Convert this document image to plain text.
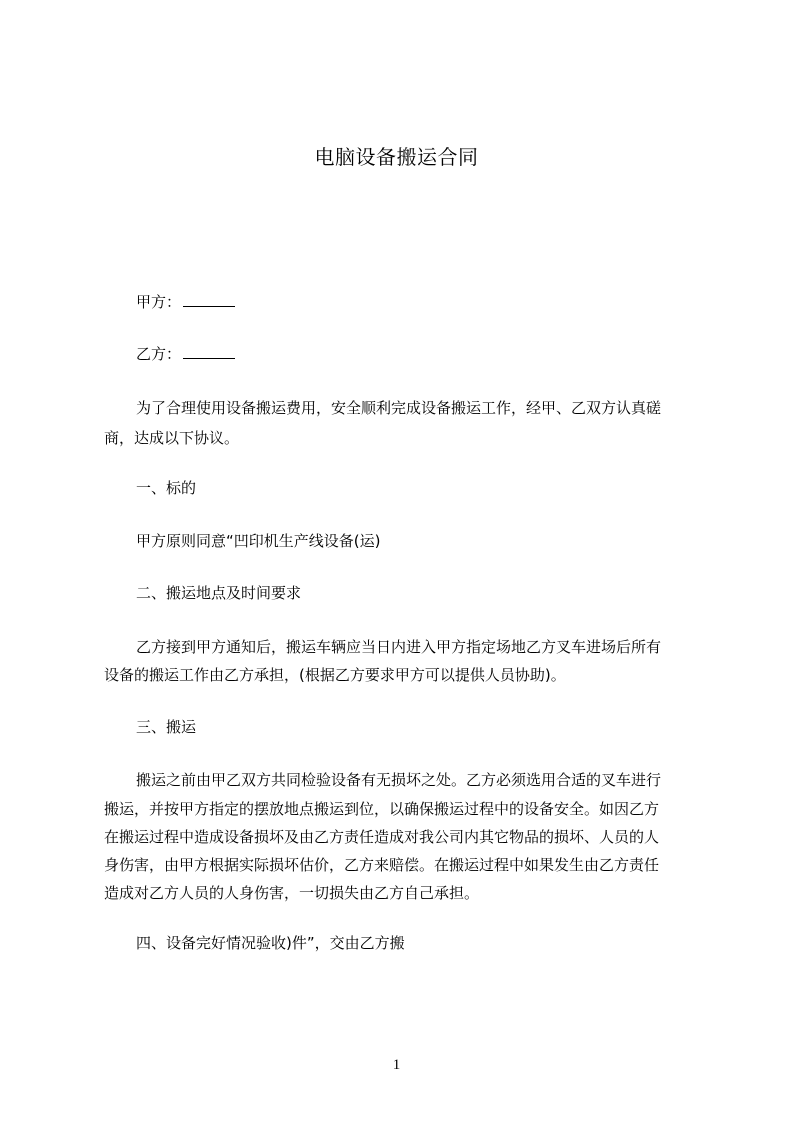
电脑设备搬运合同
甲方：
乙方：
为了合理使用设备搬运费用，安全顺利完成设备搬运工作，经甲、乙双方认真磋
商，达成以下协议。
一、标的
甲方原则同意“凹印机生产线设备(运)
二、搬运地点及时间要求
乙方接到甲方通知后，搬运车辆应当日内进入甲方指定场地乙方叉车进场后所有
设备的搬运工作由乙方承担，(根据乙方要求甲方可以提供人员协助)。
三、搬运
搬运之前由甲乙双方共同检验设备有无损坏之处。乙方必须选用合适的叉车进行
搬运，并按甲方指定的摆放地点搬运到位，以确保搬运过程中的设备安全。如因乙方
在搬运过程中造成设备损坏及由乙方责任造成对我公司内其它物品的损坏、人员的人
身伤害，由甲方根据实际损坏估价，乙方来赔偿。在搬运过程中如果发生由乙方责任
造成对乙方人员的人身伤害，一切损失由乙方自己承担。
四、设备完好情况验收)件”，交由乙方搬
1
